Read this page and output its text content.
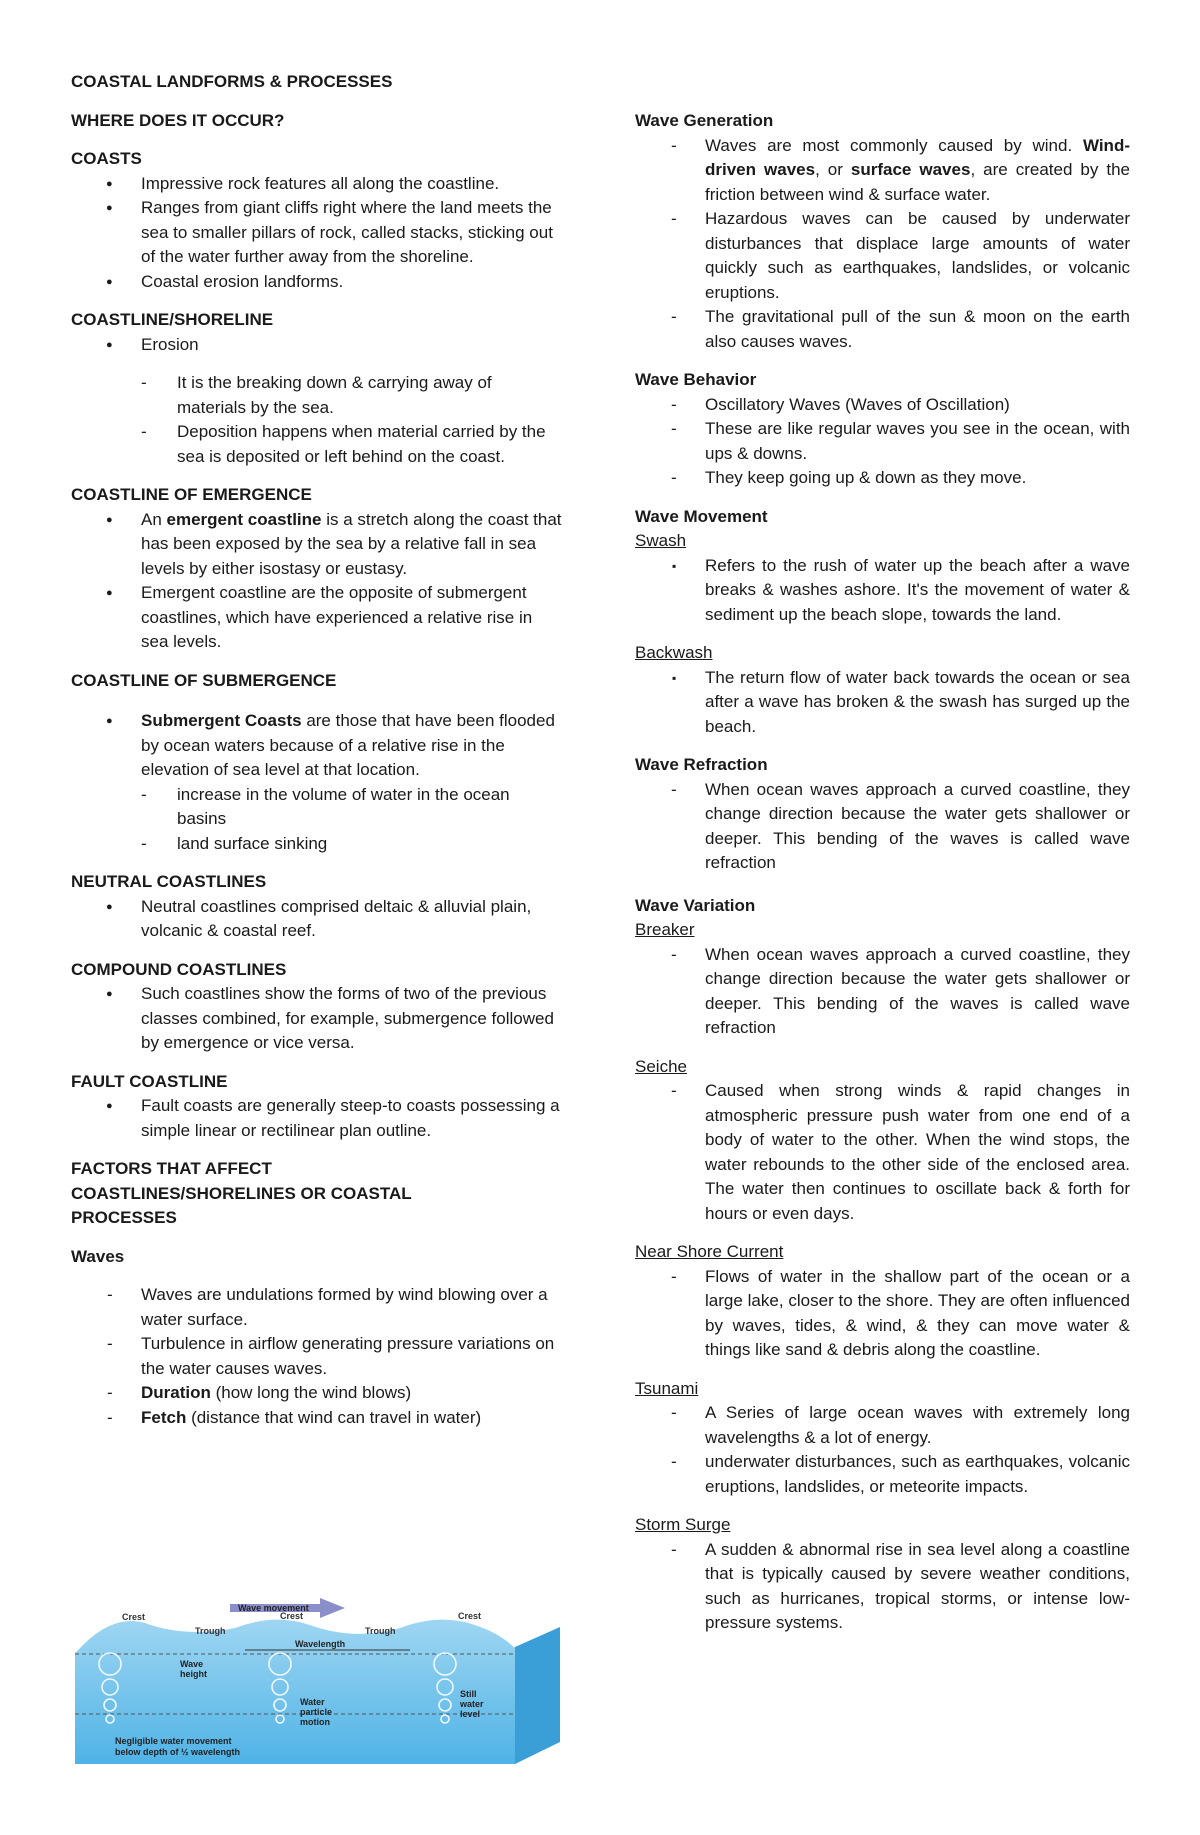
COASTAL LANDFORMS & PROCESSES

WHERE DOES IT OCCUR?

COASTS

● Impressive rock features all along the coastline.
● Ranges from giant cliffs right where the land meets the sea to smaller pillars of rock, called stacks, sticking out of the water further away from the shoreline.
● Coastal erosion landforms.

COASTLINE/SHORELINE

● Erosion
- It is the breaking down & carrying away of materials by the sea.
- Deposition happens when material carried by the sea is deposited or left behind on the coast.

COASTLINE OF EMERGENCE

● An emergent coastline is a stretch along the coast that has been exposed by the sea by a relative fall in sea levels by either isostasy or eustasy.
● Emergent coastline are the opposite of submergent coastlines, which have experienced a relative rise in sea levels.

COASTLINE OF SUBMERGENCE

● Submergent Coasts are those that have been flooded by ocean waters because of a relative rise in the elevation of sea level at that location.
- increase in the volume of water in the ocean basins
- land surface sinking

NEUTRAL COASTLINES

● Neutral coastlines comprised deltaic & alluvial plain, volcanic & coastal reef.

COMPOUND COASTLINES

● Such coastlines show the forms of two of the previous classes combined, for example, submergence followed by emergence or vice versa.

FAULT COASTLINE

● Fault coasts are generally steep-to coasts possessing a simple linear or rectilinear plan outline.

FACTORS THAT AFFECT COASTLINES/SHORELINES OR COASTAL PROCESSES

Waves

- Waves are undulations formed by wind blowing over a water surface.
- Turbulence in airflow generating pressure variations on the water causes waves.
- Duration (how long the wind blows)
- Fetch (distance that wind can travel in water)
Wave movement
Crest	Crest	Crest
Trough	Trough
Wavelength
Wave
height
Water
particle
motion
Still
water
level
Negligible water movement
below depth of ½ wavelength

Wave Generation

- Waves are most commonly caused by wind. Wind-driven waves, or surface waves, are created by the friction between wind & surface water.
- Hazardous waves can be caused by underwater disturbances that displace large amounts of water quickly such as earthquakes, landslides, or volcanic eruptions.
- The gravitational pull of the sun & moon on the earth also causes waves.

Wave Behavior

- Oscillatory Waves (Waves of Oscillation)
- These are like regular waves you see in the ocean, with ups & downs.
- They keep going up & down as they move.

Wave Movement

Swash

▪ Refers to the rush of water up the beach after a wave breaks & washes ashore. It's the movement of water & sediment up the beach slope, towards the land.

Backwash

▪ The return flow of water back towards the ocean or sea after a wave has broken & the swash has surged up the beach.

Wave Refraction

- When ocean waves approach a curved coastline, they change direction because the water gets shallower or deeper. This bending of the waves is called wave refraction

Wave Variation

Breaker

- When ocean waves approach a curved coastline, they change direction because the water gets shallower or deeper. This bending of the waves is called wave refraction

Seiche

- Caused when strong winds & rapid changes in atmospheric pressure push water from one end of a body of water to the other. When the wind stops, the water rebounds to the other side of the enclosed area. The water then continues to oscillate back & forth for hours or even days.

Near Shore Current

- Flows of water in the shallow part of the ocean or a large lake, closer to the shore. They are often influenced by waves, tides, & wind, & they can move water & things like sand & debris along the coastline.

Tsunami

- A Series of large ocean waves with extremely long wavelengths & a lot of energy.
- underwater disturbances, such as earthquakes, volcanic eruptions, landslides, or meteorite impacts.

Storm Surge

- A sudden & abnormal rise in sea level along a coastline that is typically caused by severe weather conditions, such as hurricanes, tropical storms, or intense low-pressure systems.
